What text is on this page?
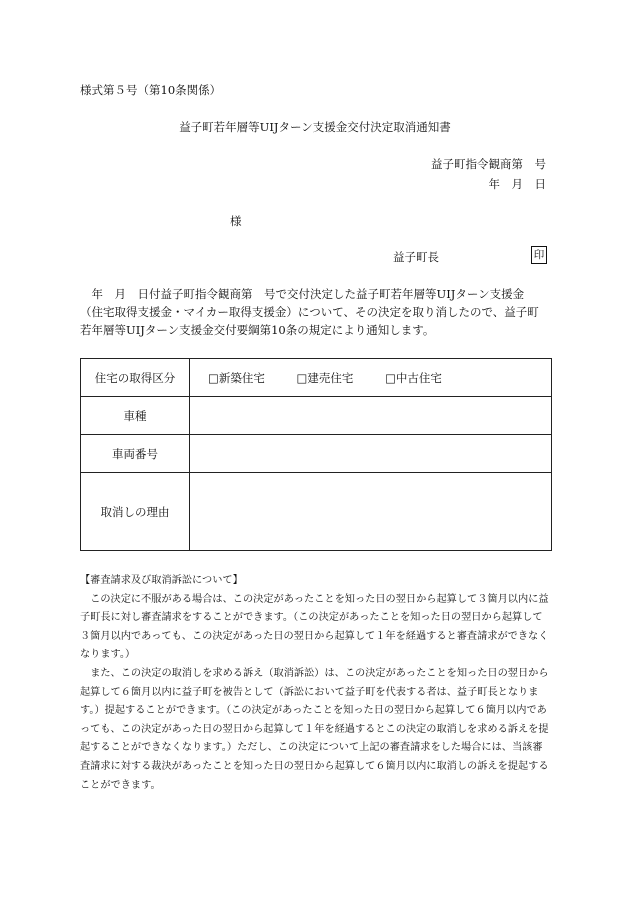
様式第５号（第10条関係）
益子町若年層等UIJターン支援金交付決定取消通知書
益子町指令観商第　号
年　月　日
様
益子町長	印

年　月　日付益子町指令観商第　号で交付決定した益子町若年層等UIJターン支援金

（住宅取得支援金・マイカー取得支援金）について、その決定を取り消したので、益子町

若年層等UIJターン支援金交付要綱第10条の規定により通知します。

住宅の取得区分	□新築住宅 □建売住宅 □中古住宅
車種	
車両番号	
取消しの理由	

【審査請求及び取消訴訟について】

この決定に不服がある場合は、この決定があったことを知った日の翌日から起算して３箇月以内に益子町長に対し審査請求をすることができます。（この決定があったことを知った日の翌日から起算して３箇月以内であっても、この決定があった日の翌日から起算して１年を経過すると審査請求ができなくなります。）

また、この決定の取消しを求める訴え（取消訴訟）は、この決定があったことを知った日の翌日から起算して６箇月以内に益子町を被告として（訴訟において益子町を代表する者は、益子町長となります。）提起することができます。（この決定があったことを知った日の翌日から起算して６箇月以内であっても、この決定があった日の翌日から起算して１年を経過するとこの決定の取消しを求める訴えを提起することができなくなります。）ただし、この決定について上記の審査請求をした場合には、当該審査請求に対する裁決があったことを知った日の翌日から起算して６箇月以内に取消しの訴えを提起することができます。
